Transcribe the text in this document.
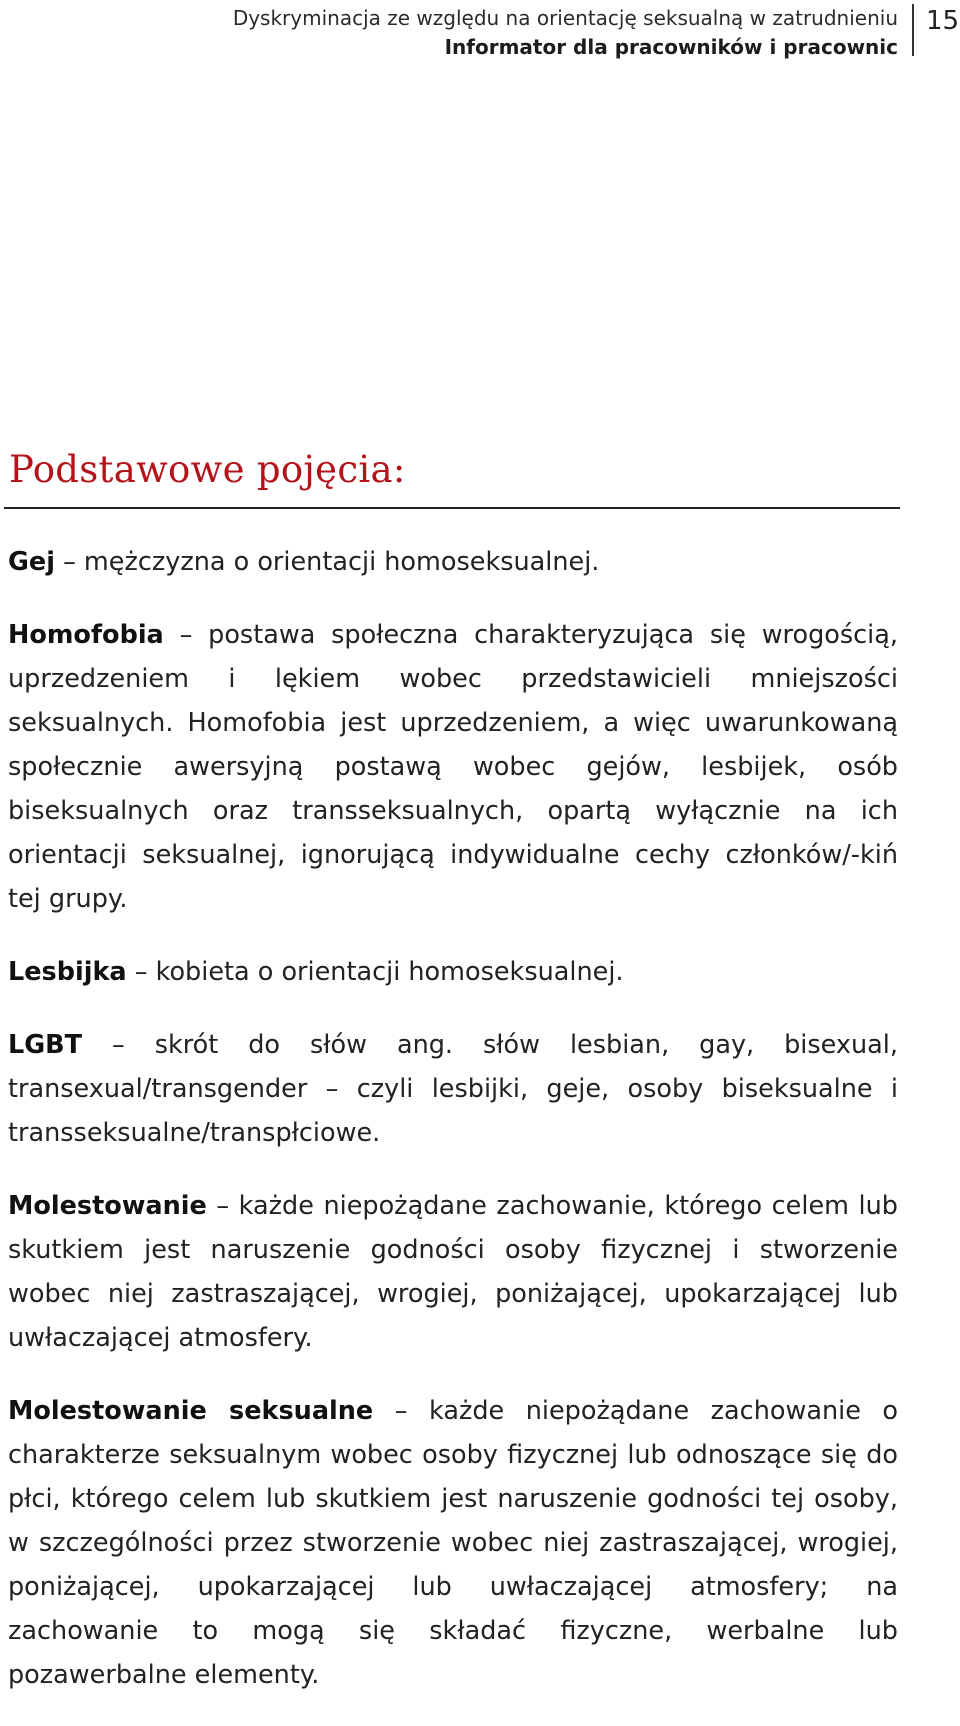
Dyskryminacja ze względu na orientację seksualną w zatrudnieniu
Informator dla pracowników i pracownic
15
Podstawowe pojęcia:

Gej – mężczyzna o orientacji homoseksualnej.

Homofobia – postawa społeczna charakteryzująca się wrogością, uprzedzeniem i lękiem wobec przedstawicieli mniejszości seksualnych. Homofobia jest uprzedzeniem, a więc uwarunkowaną społecznie awersyjną postawą wobec gejów, lesbijek, osób biseksualnych oraz transseksualnych, opartą wyłącznie na ich orientacji seksualnej, ignorującą indywidualne cechy członków/-kiń tej grupy.

Lesbijka – kobieta o orientacji homoseksualnej.

LGBT – skrót do słów ang. słów lesbian, gay, bisexual, transexual/transgender – czyli lesbijki, geje, osoby biseksualne i transseksualne/transpłciowe.

Molestowanie – każde niepożądane zachowanie, którego celem lub skutkiem jest naruszenie godności osoby fizycznej i stworzenie wobec niej zastraszającej, wrogiej, poniżającej, upokarzającej lub uwłaczającej atmosfery.

Molestowanie seksualne – każde niepożądane zachowanie o charakterze seksualnym wobec osoby fizycznej lub odnoszące się do płci, którego celem lub skutkiem jest naruszenie godności tej osoby, w szczególności przez stworzenie wobec niej zastraszającej, wrogiej, poniżającej, upokarzającej lub uwłaczającej atmosfery; na zachowanie to mogą się składać fizyczne, werbalne lub pozawerbalne elementy.
